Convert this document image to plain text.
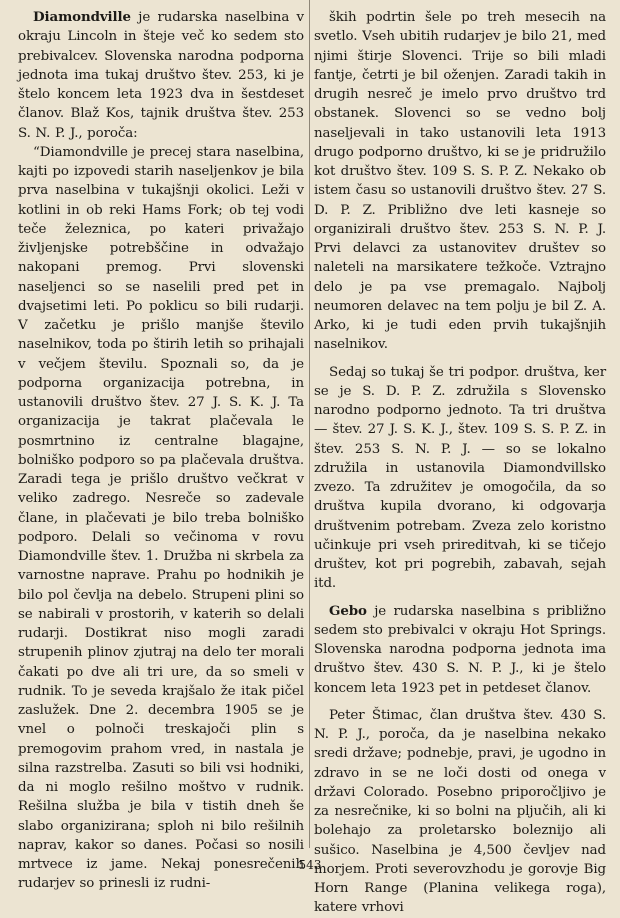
Diamondville je rudarska naselbina v okraju Lincoln in šteje več ko sedem sto prebivalcev. Slovenska narodna podporna jednota ima tukaj društvo štev. 253, ki je štelo koncem leta 1923 dva in šestdeset članov. Blaž Kos, tajnik društva štev. 253 S. N. P. J., poroča:

“Diamondville je precej stara naselbina, kajti po izpovedi starih naseljenkov je bila prva naselbina v tukajšnji okolici. Leži v kotlini in ob reki Hams Fork; ob tej vodi teče železnica, po kateri privažajo življenjske potrebščine in odvažajo nakopani premog. Prvi slovenski naseljenci so se naselili pred pet in dvajsetimi leti. Po poklicu so bili rudarji. V začetku je prišlo manjše število naselnikov, toda po štirih letih so prihajali v večjem številu. Spoznali so, da je podporna organizacija potrebna, in ustanovili društvo štev. 27 J. S. K. J. Ta organizacija je takrat plačevala le posmrtnino iz centralne blagajne, bolniško podporo so pa plačevala društva. Zaradi tega je prišlo društvo večkrat v veliko zadrego. Nesreče so zadevale člane, in plačevati je bilo treba bolniško podporo. Delali so večinoma v rovu Diamondville štev. 1. Družba ni skrbela za varnostne naprave. Prahu po hodnikih je bilo pol čevlja na debelo. Strupeni plini so se nabirali v prostorih, v katerih so delali rudarji. Dostikrat niso mogli zaradi strupenih plinov zjutraj na delo ter morali čakati po dve ali tri ure, da so smeli v rudnik. To je seveda krajšalo že itak pičel zaslužek. Dne 2. decembra 1905 se je vnel o polnoči treskajoči plin s premogovim prahom vred, in nastala je silna razstrelba. Zasuti so bili vsi hodniki, da ni moglo rešilno moštvo v rudnik. Rešilna služba je bila v tistih dneh še slabo organizirana; sploh ni bilo rešilnih naprav, kakor so danes. Počasi so nosili mrtvece iz jame. Nekaj ponesrečenih rudarjev so prinesli iz rudni-

ških podrtin šele po treh mesecih na svetlo. Vseh ubitih rudarjev je bilo 21, med njimi štirje Slovenci. Trije so bili mladi fantje, četrti je bil oženjen. Zaradi takih in drugih nesreč je imelo prvo društvo trd obstanek. Slovenci so se vedno bolj naseljevali in tako ustanovili leta 1913 drugo podporno društvo, ki se je pridružilo kot društvo štev. 109 S. S. P. Z. Nekako ob istem času so ustanovili društvo štev. 27 S. D. P. Z. Približno dve leti kasneje so organizirali društvo štev. 253 S. N. P. J. Prvi delavci za ustanovitev društev so naleteli na marsikatere težkoče. Vztrajno delo je pa vse premagalo. Najbolj neumoren delavec na tem polju je bil Z. A. Arko, ki je tudi eden prvih tukajšnjih naselnikov.

Sedaj so tukaj še tri podpor. društva, ker se je S. D. P. Z. združila s Slovensko narodno podporno jednoto. Ta tri društva — štev. 27 J. S. K. J., štev. 109 S. S. P. Z. in štev. 253 S. N. P. J. — so se lokalno združila in ustanovila Diamondvillsko zvezo. Ta združitev je omogočila, da so društva kupila dvorano, ki odgovarja društvenim potrebam. Zveza zelo koristno učinkuje pri vseh prireditvah, ki se tičejo društev, kot pri pogrebih, zabavah, sejah itd.

Gebo je rudarska naselbina s približno sedem sto prebivalci v okraju Hot Springs. Slovenska narodna podporna jednota ima društvo štev. 430 S. N. P. J., ki je štelo koncem leta 1923 pet in petdeset članov.

Peter Štimac, član društva štev. 430 S. N. P. J., poroča, da je naselbina nekako sredi države; podnebje, pravi, je ugodno in zdravo in se ne loči dosti od onega v državi Colorado. Posebno priporočljivo je za nesrečnike, ki so bolni na pljučih, ali ki bolehajo za proletarsko boleznijo ali sušico. Naselbina je 4,500 čevljev nad morjem. Proti severovzhodu je gorovje Big Horn Range (Planina velikega roga), katere vrhovi

543
